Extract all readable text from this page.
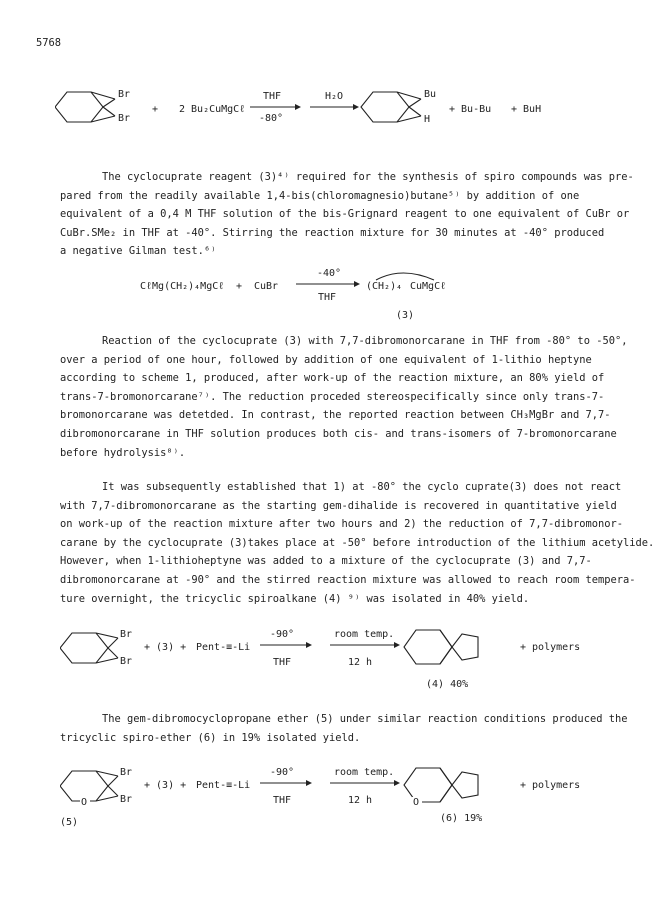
5768
Br
Br
+ 2 Bu₂CuMgCℓ
THF
-80°
H₂O	Bu
H
+ Bu-Bu + BuH
The cyclocuprate reagent (3)⁴⁾ required for the synthesis of spiro compounds was pre-
pared from the readily available 1,4-bis(chloromagnesio)butane⁵⁾ by addition of one
equivalent of a 0,4 M THF solution of the bis-Grignard reagent to one equivalent of CuBr or
CuBr.SMe₂ in THF at -40°. Stirring the reaction mixture for 30 minutes at -40° produced
a negative Gilman test.⁶⁾
CℓMg(CH₂)₄MgCℓ + CuBr
-40°
THF
(CH₂)₄ CuMgCℓ
(3)
Reaction of the cyclocuprate (3) with 7,7-dibromonorcarane in THF from -80° to -50°,
over a period of one hour, followed by addition of one equivalent of 1-lithio heptyne
according to scheme 1, produced, after work-up of the reaction mixture, an 80% yield of
trans-7-bromonorcarane⁷⁾. The reduction proceded stereospecifically since only trans-7-
bromonorcarane was detetded. In contrast, the reported reaction between CH₃MgBr and 7,7-
dibromonorcarane in THF solution produces both cis- and trans-isomers of 7-bromonorcarane
before hydrolysis⁸⁾.
It was subsequently established that 1) at -80° the cyclo cuprate(3) does not react
with 7,7-dibromonorcarane as the starting gem-dihalide is recovered in quantitative yield
on work-up of the reaction mixture after two hours and 2) the reduction of 7,7-dibromonor-
carane by the cyclocuprate (3)takes place at -50° before introduction of the lithium acetylide.
However, when 1-lithioheptyne was added to a mixture of the cyclocuprate (3) and 7,7-
dibromonorcarane at -90° and the stirred reaction mixture was allowed to reach room tempera-
ture overnight, the tricyclic spiroalkane (4) ⁹⁾ was isolated in 40% yield.
Br
Br
+ (3) + Pent-≡-Li
-90°
THF
room temp.
12 h
+ polymers
(4) 40%
The gem-dibromocyclopropane ether (5) under similar reaction conditions produced the
tricyclic spiro-ether (6) in 19% isolated yield.
O
Br
Br
+ (3) + Pent-≡-Li
-90°
THF
room temp.
12 h	O
+ polymers
(5)	(6) 19%
